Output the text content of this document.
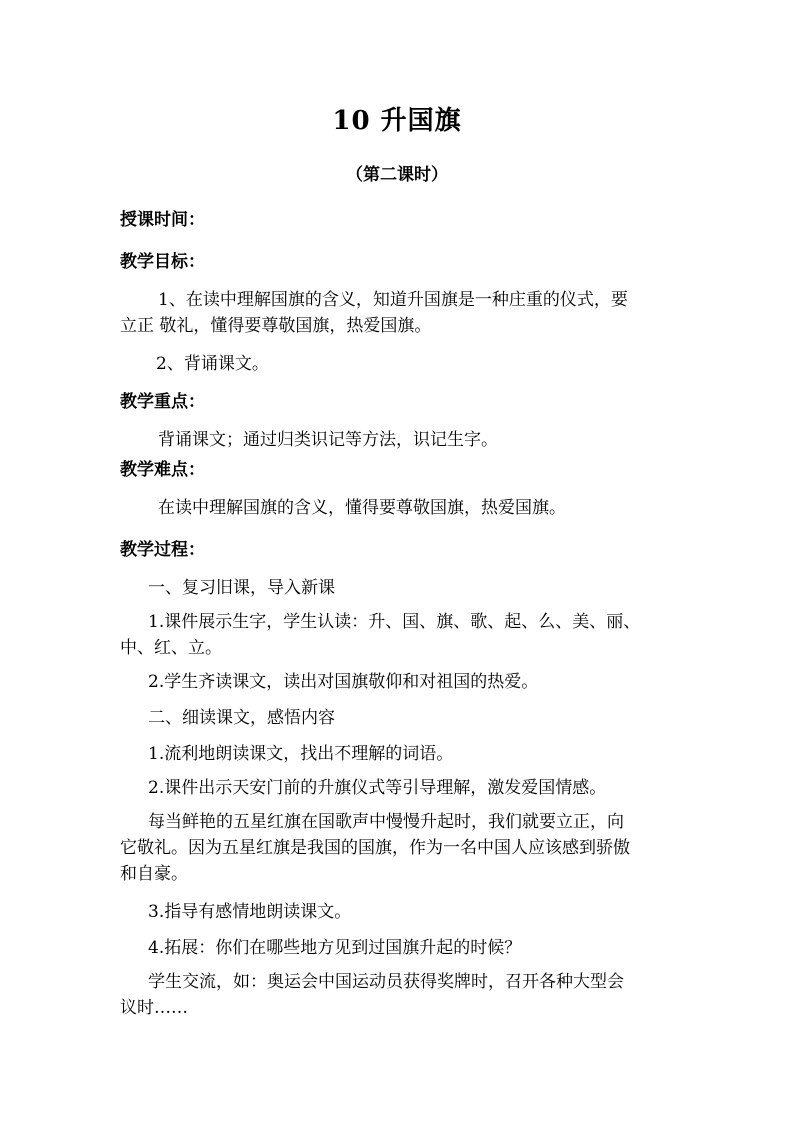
10 升国旗
（第二课时）
授课时间：
教学目标：
1、在读中理解国旗的含义，知道升国旗是一种庄重的仪式，要
立正 敬礼，懂得要尊敬国旗，热爱国旗。
2、背诵课文。
教学重点：
背诵课文；通过归类识记等方法，识记生字。
教学难点：
在读中理解国旗的含义，懂得要尊敬国旗，热爱国旗。
教学过程：
一、复习旧课，导入新课
1.课件展示生字，学生认读：升、国、旗、歌、起、么、美、丽、
中、红、立。
2.学生齐读课文，读出对国旗敬仰和对祖国的热爱。
二、细读课文，感悟内容
1.流利地朗读课文，找出不理解的词语。
2.课件出示天安门前的升旗仪式等引导理解，激发爱国情感。
每当鲜艳的五星红旗在国歌声中慢慢升起时，我们就要立正，向
它敬礼。因为五星红旗是我国的国旗，作为一名中国人应该感到骄傲
和自豪。
3.指导有感情地朗读课文。
4.拓展：你们在哪些地方见到过国旗升起的时候？
学生交流，如：奥运会中国运动员获得奖牌时，召开各种大型会
议时……
